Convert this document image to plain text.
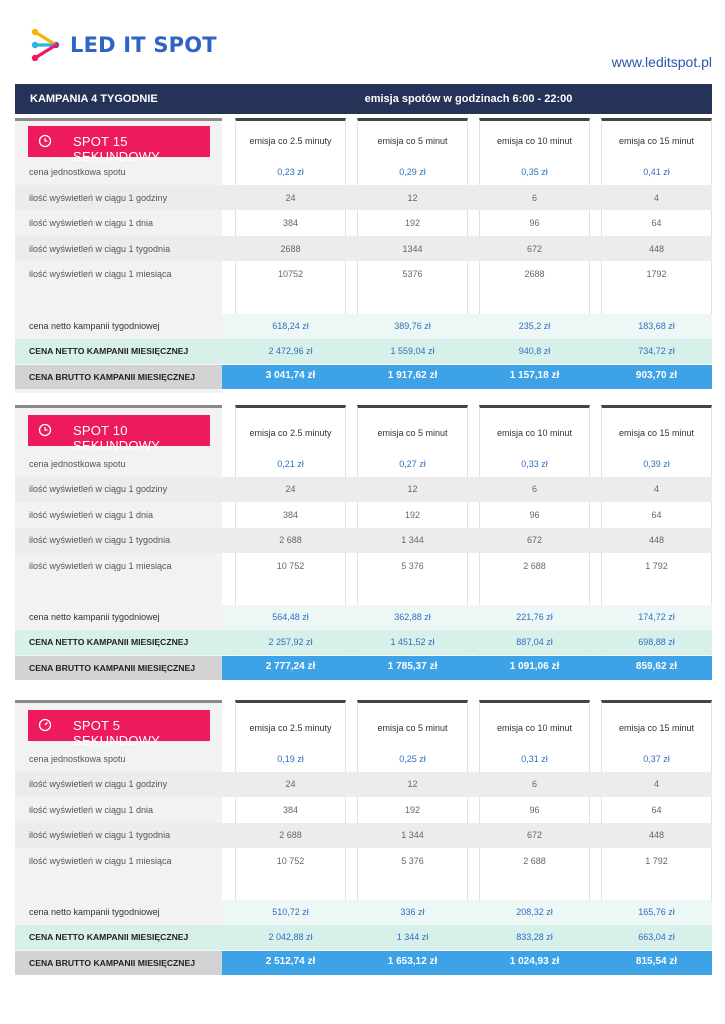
LED IT SPOT
www.leditspot.pl
KAMPANIA 4 TYGODNIE	emisja spotów w godzinach 6:00 - 22:00
SPOT 15 SEKUNDOWY
emisja co 2.5 minuty	emisja co 5 minut	emisja co 10 minut	emisja co 15 minut
cena jednostkowa spotu	0,23 zł	0,29 zł	0,35 zł	0,41 zł
ilość wyświetleń w ciągu 1 godziny	24	12	6	4
ilość wyświetleń w ciągu 1 dnia	384	192	96	64
ilość wyświetleń w ciągu 1 tygodnia	2688	1344	672	448
ilość wyświetleń w ciągu 1 miesiąca	10752	5376	2688	1792
cena netto kampanii tygodniowej	618,24 zł	389,76 zł	235,2 zł	183,68 zł
CENA NETTO KAMPANII MIESIĘCZNEJ	2 472,96 zł	1 559,04 zł	940,8 zł	734,72 zł
CENA BRUTTO KAMPANII MIESIĘCZNEJ	3 041,74 zł	1 917,62 zł	1 157,18 zł	903,70 zł
SPOT 10 SEKUNDOWY
emisja co 2.5 minuty	emisja co 5 minut	emisja co 10 minut	emisja co 15 minut
cena jednostkowa spotu	0,21 zł	0,27 zł	0,33 zł	0,39 zł
ilość wyświetleń w ciągu 1 godziny	24	12	6	4
ilość wyświetleń w ciągu 1 dnia	384	192	96	64
ilość wyświetleń w ciągu 1 tygodnia	2 688	1 344	672	448
ilość wyświetleń w ciągu 1 miesiąca	10 752	5 376	2 688	1 792
cena netto kampanii tygodniowej	564,48 zł	362,88 zł	221,76 zł	174,72 zł
CENA NETTO KAMPANII MIESIĘCZNEJ	2 257,92 zł	1 451,52 zł	887,04 zł	698,88 zł
CENA BRUTTO KAMPANII MIESIĘCZNEJ	2 777,24 zł	1 785,37 zł	1 091,06 zł	859,62 zł
SPOT 5 SEKUNDOWY
emisja co 2.5 minuty	emisja co 5 minut	emisja co 10 minut	emisja co 15 minut
cena jednostkowa spotu	0,19 zł	0,25 zł	0,31 zł	0,37 zł
ilość wyświetleń w ciągu 1 godziny	24	12	6	4
ilość wyświetleń w ciągu 1 dnia	384	192	96	64
ilość wyświetleń w ciągu 1 tygodnia	2 688	1 344	672	448
ilość wyświetleń w ciągu 1 miesiąca	10 752	5 376	2 688	1 792
cena netto kampanii tygodniowej	510,72 zł	336 zł	208,32 zł	165,76 zł
CENA NETTO KAMPANII MIESIĘCZNEJ	2 042,88 zł	1 344 zł	833,28 zł	663,04 zł
CENA BRUTTO KAMPANII MIESIĘCZNEJ	2 512,74 zł	1 653,12 zł	1 024,93 zł	815,54 zł
